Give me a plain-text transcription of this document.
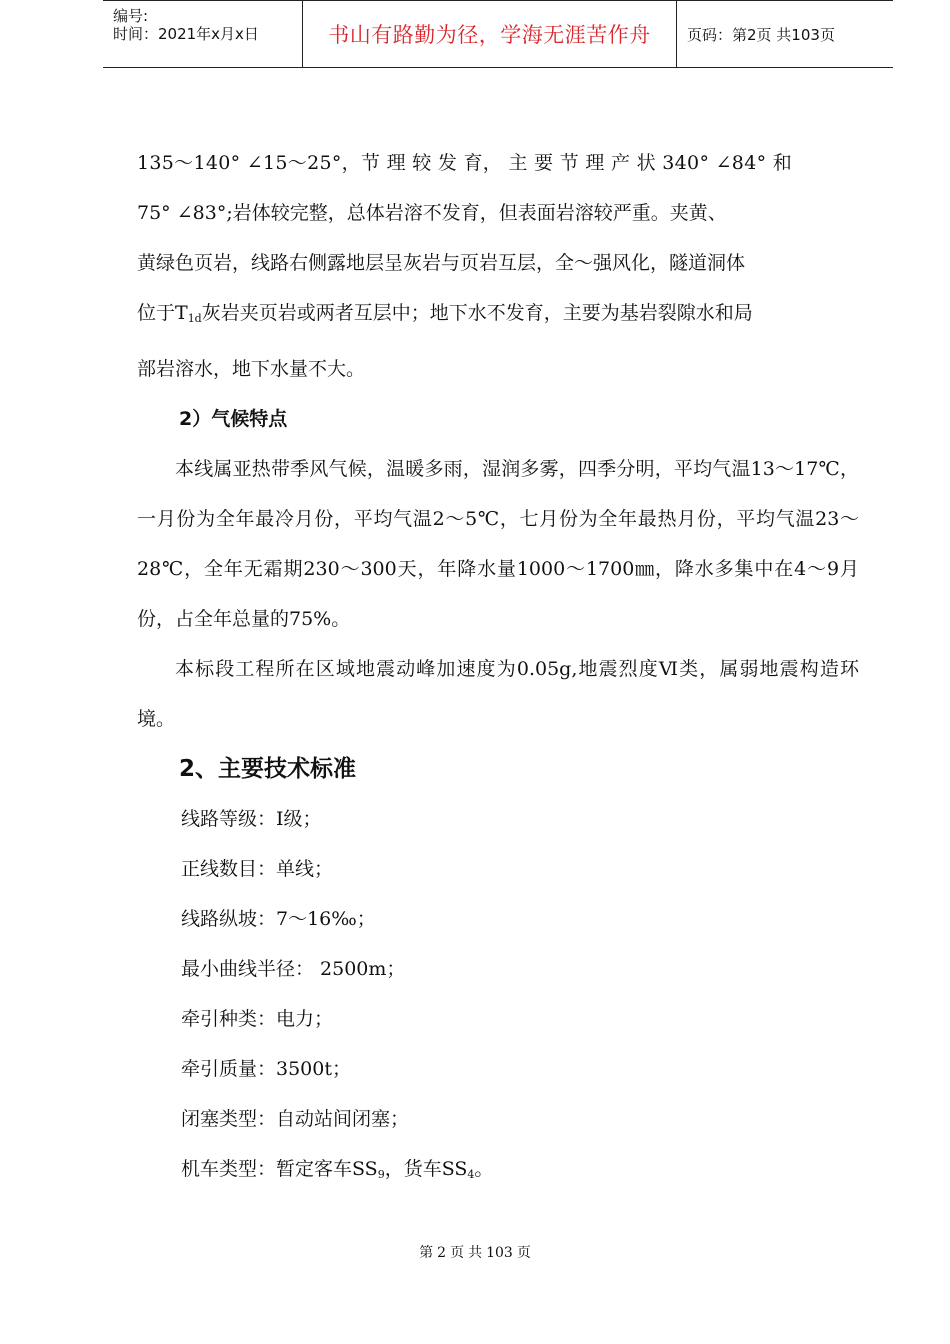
编号:
时间：2021年x月x日	书山有路勤为径，学海无涯苦作舟 页码：第2页 共103页

135～140° ∠15～25°，节 理 较 发 育， 主 要 节 理 产 状 340° ∠84° 和

75° ∠83°;岩体较完整，总体岩溶不发育，但表面岩溶较严重。夹黄、

黄绿色页岩，线路右侧露地层呈灰岩与页岩互层，全～强风化，隧道洞体

位于$T_{1d}$灰岩夹页岩或两者互层中；地下水不发育，主要为基岩裂隙水和局

部岩溶水，地下水量不大。

2）气候特点

本线属亚热带季风气候，温暖多雨，湿润多雾，四季分明，平均气温13～17℃，一月份为全年最冷月份，平均气温2～5℃，七月份为全年最热月份，平均气温23～28℃，全年无霜期230～300天，年降水量1000～1700㎜，降水多集中在4～9月份，占全年总量的75%。

本标段工程所在区域地震动峰加速度为0.05g,地震烈度Ⅵ类，属弱地震构造环境。

2、主要技术标准

线路等级：Ⅰ级；

正线数目：单线；

线路纵坡：7～16‰；

最小曲线半径： 2500m；

牵引种类：电力；

牵引质量：3500t；

闭塞类型：自动站间闭塞；

机车类型：暂定客车$SS_9$，货车$SS_4$。

第 2 页 共 103 页
